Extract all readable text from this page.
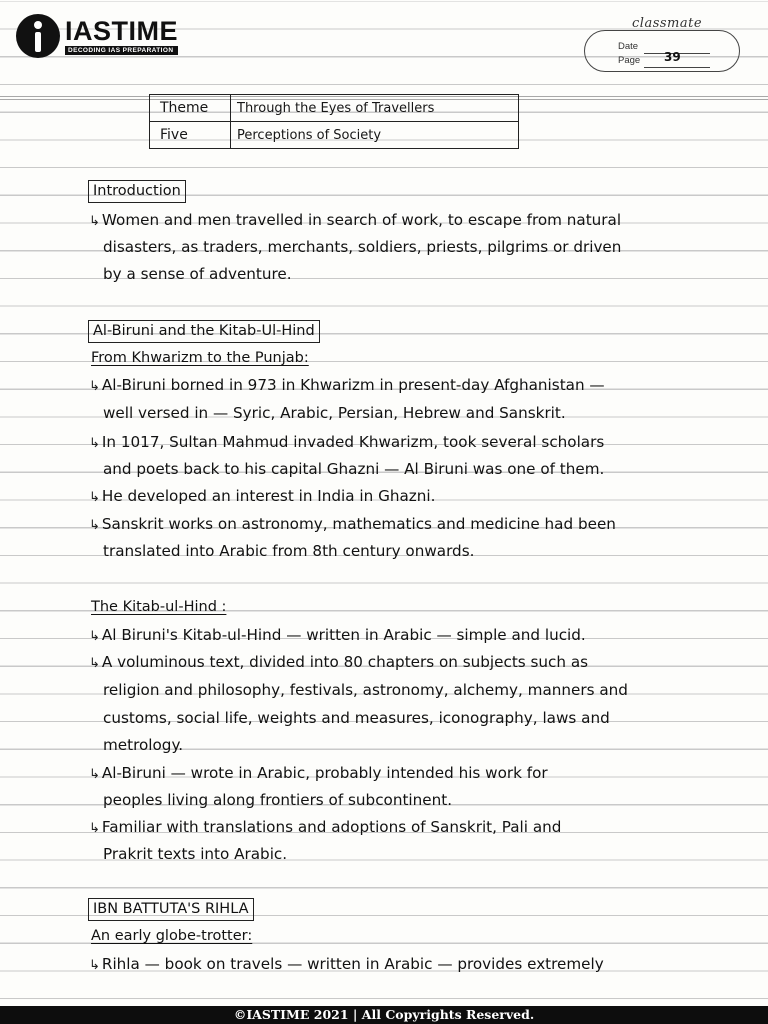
IASTIME
DECODING IAS PREPARATION
classmate
Date
Page 39
Theme	Through the Eyes of Travellers
Five	Perceptions of Society
Introduction
↳ Women and men travelled in search of work, to escape from natural
disasters, as traders, merchants, soldiers, priests, pilgrims or driven
by a sense of adventure.
Al-Biruni and the Kitab-Ul-Hind
From Khwarizm to the Punjab:
↳ Al-Biruni borned in 973 in Khwarizm in present-day Afghanistan —
well versed in — Syric, Arabic, Persian, Hebrew and Sanskrit.
↳ In 1017, Sultan Mahmud invaded Khwarizm, took several scholars
and poets back to his capital Ghazni — Al Biruni was one of them.
↳ He developed an interest in India in Ghazni.
↳ Sanskrit works on astronomy, mathematics and medicine had been
translated into Arabic from 8th century onwards.
The Kitab-ul-Hind :
↳ Al Biruni's Kitab-ul-Hind — written in Arabic — simple and lucid.
↳ A voluminous text, divided into 80 chapters on subjects such as
religion and philosophy, festivals, astronomy, alchemy, manners and
customs, social life, weights and measures, iconography, laws and
metrology.
↳ Al-Biruni — wrote in Arabic, probably intended his work for
peoples living along frontiers of subcontinent.
↳ Familiar with translations and adoptions of Sanskrit, Pali and
Prakrit texts into Arabic.
IBN BATTUTA'S RIHLA
An early globe-trotter:
↳ Rihla — book on travels — written in Arabic — provides extremely
©IASTIME 2021 | All Copyrights Reserved.
